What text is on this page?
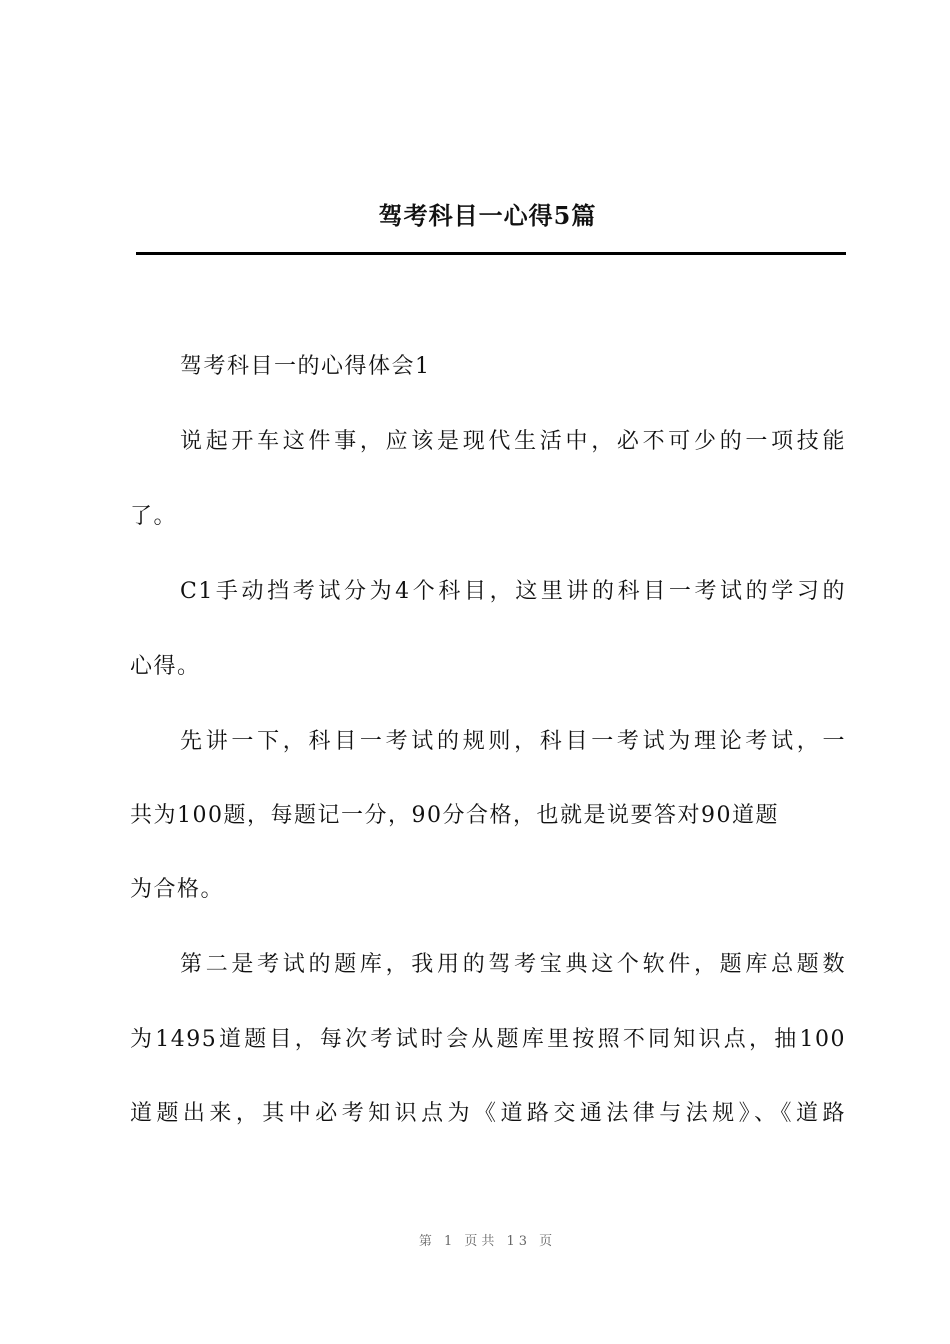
驾考科目一心得5篇

驾考科目一的心得体会1

说起开车这件事，应该是现代生活中，必不可少的一项技能

了。

C1手动挡考试分为4个科目，这里讲的科目一考试的学习的

心得。

先讲一下，科目一考试的规则，科目一考试为理论考试，一

共为100题，每题记一分，90分合格，也就是说要答对90道题

为合格。

第二是考试的题库，我用的驾考宝典这个软件，题库总题数

为1495道题目，每次考试时会从题库里按照不同知识点，抽100

道题出来，其中必考知识点为《道路交通法律与法规》、《道路

第 1 页共 13 页
